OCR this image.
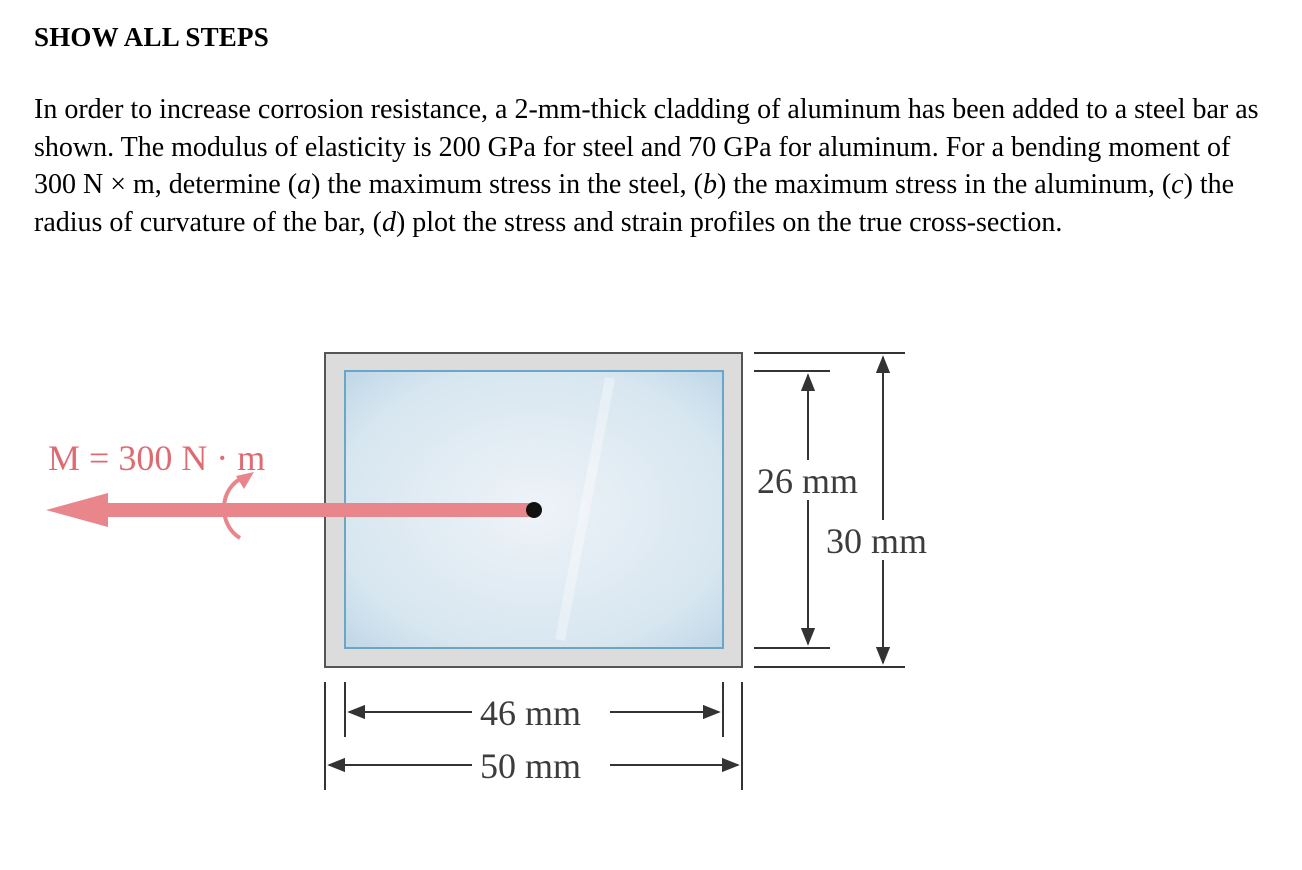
SHOW ALL STEPS

In order to increase corrosion resistance, a 2-mm-thick cladding of aluminum has been added to a steel bar as shown. The modulus of elasticity is 200 GPa for steel and 70 GPa for aluminum. For a bending moment of 300 N × m, determine (a) the maximum stress in the steel, (b) the maximum stress in the aluminum, (c) the radius of curvature of the bar, (d) plot the stress and strain profiles on the true cross-section.

M = 300 N · m
26 mm
30 mm
46 mm
50 mm
